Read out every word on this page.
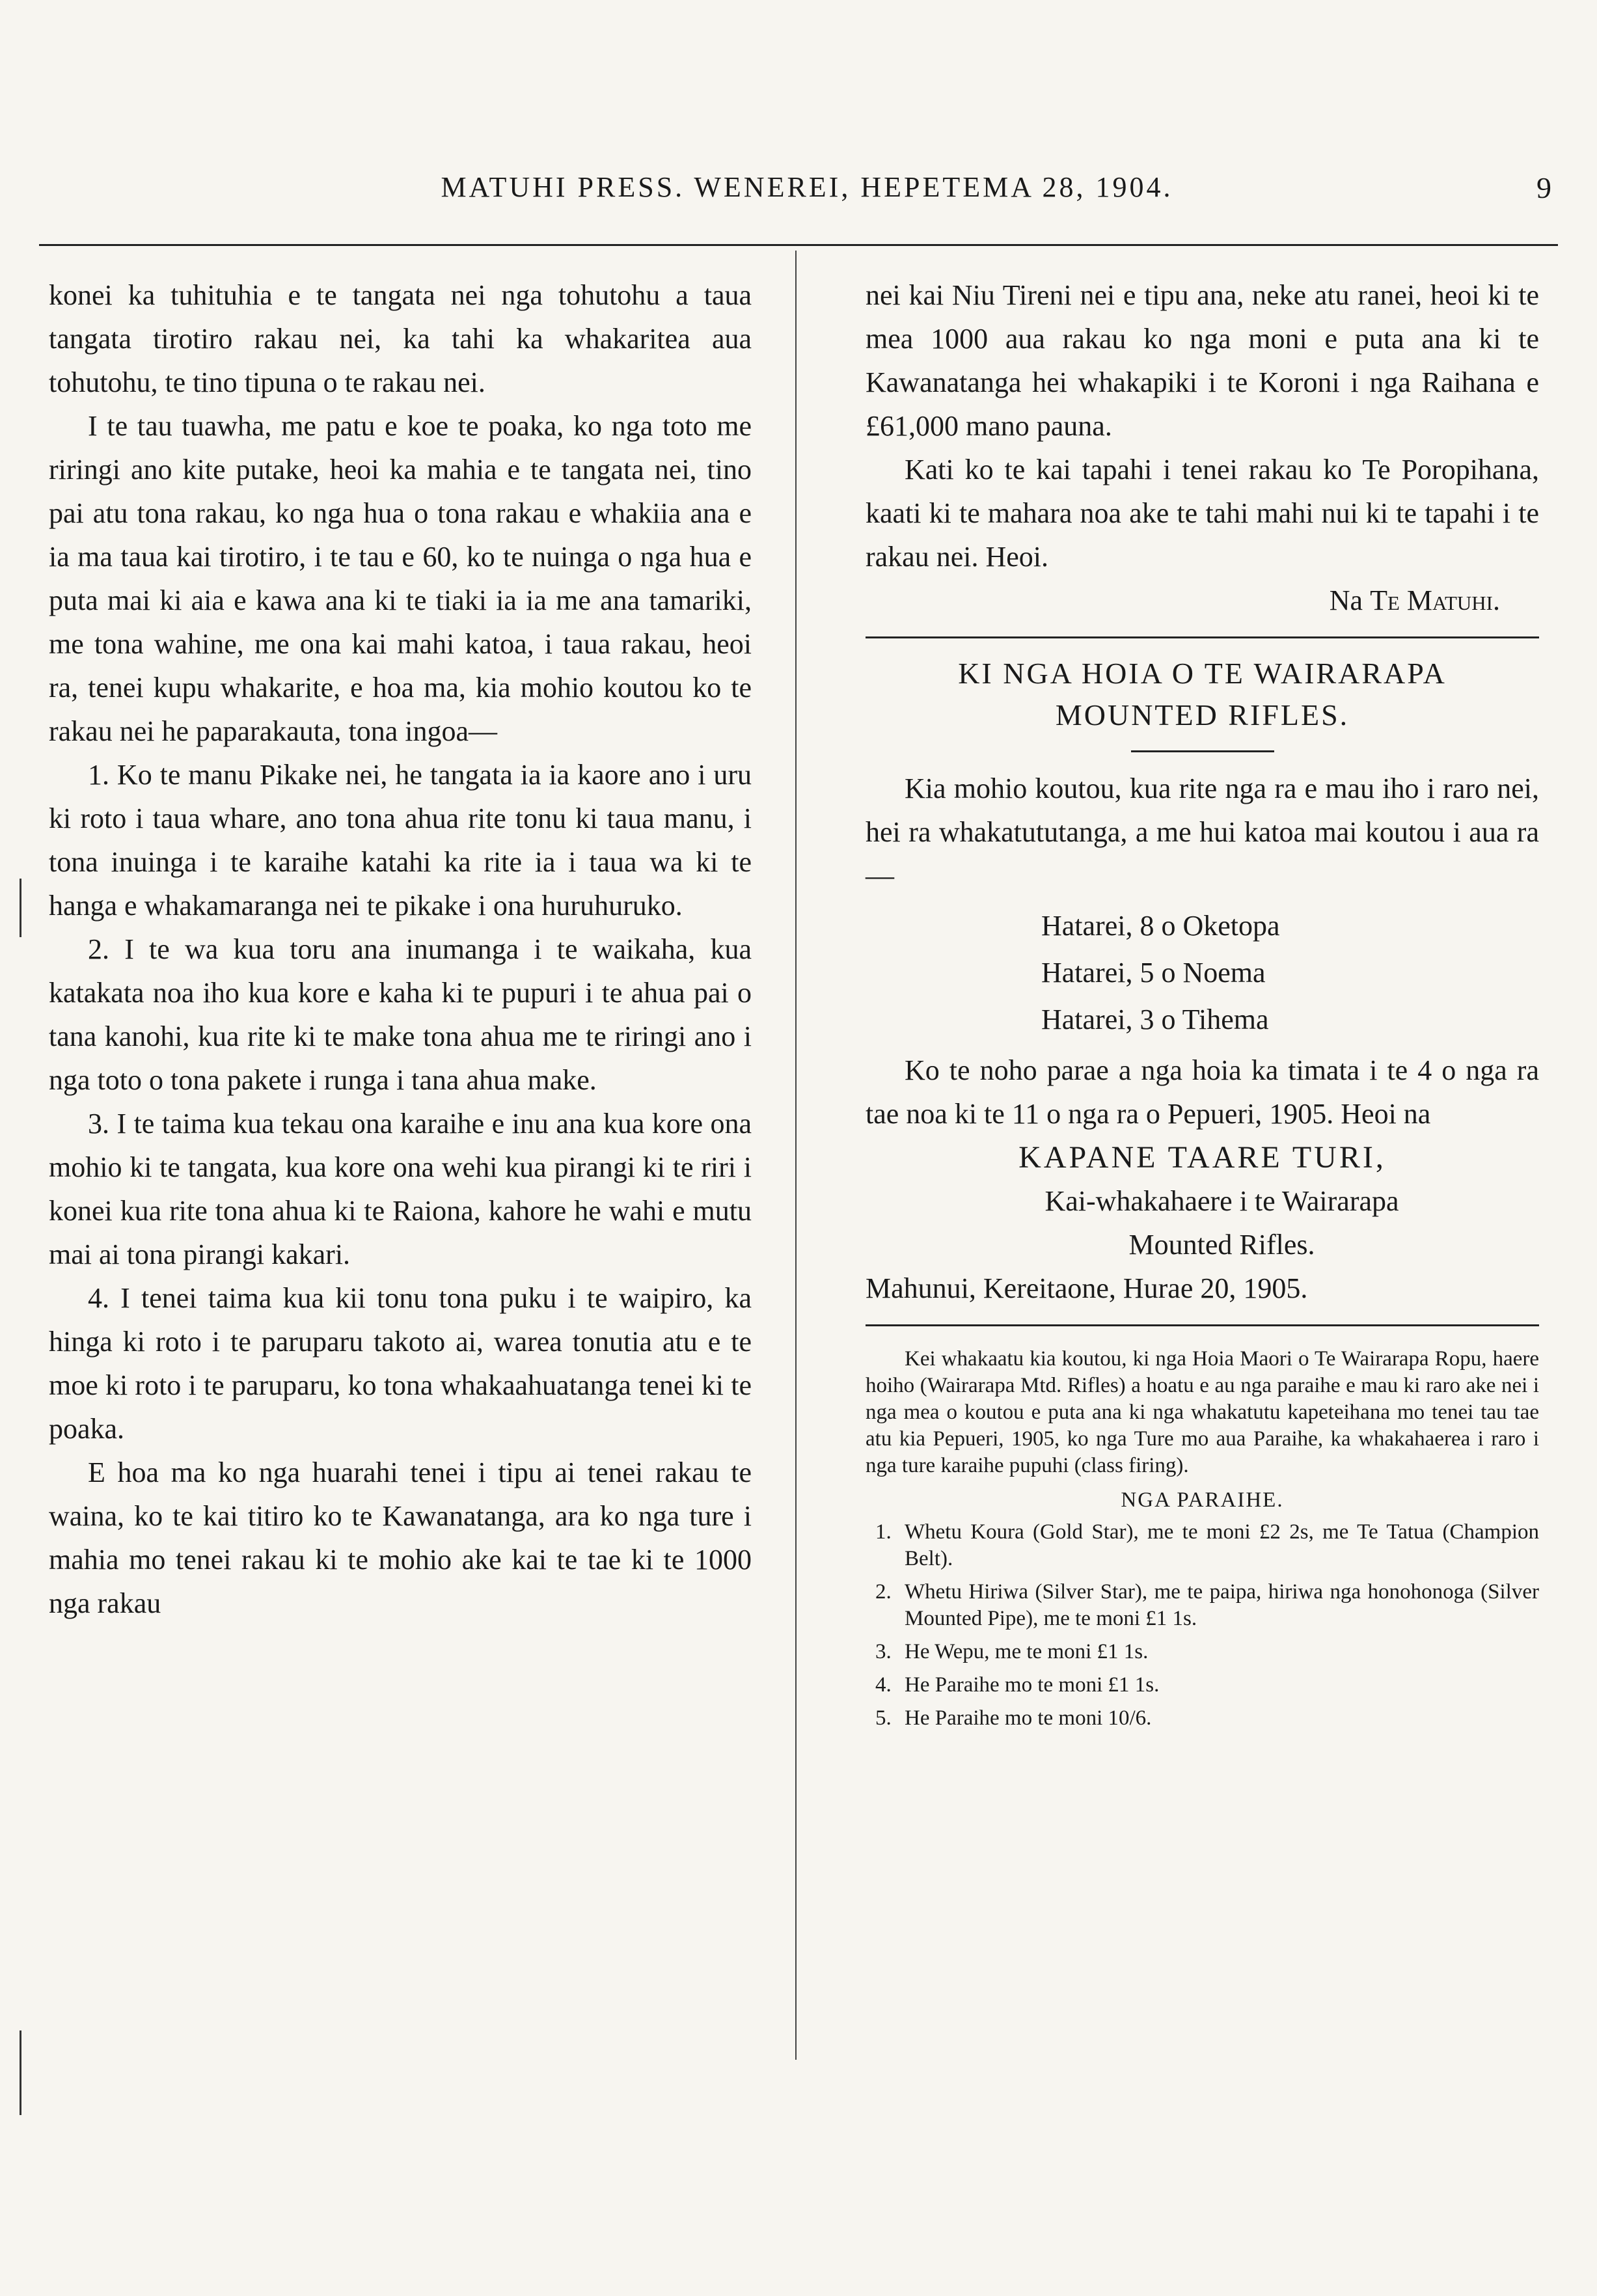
MATUHI PRESS. WENEREI, HEPETEMA 28, 1904.	9

konei ka tuhituhia e te tangata nei nga tohutohu a taua tangata tirotiro rakau nei, ka tahi ka whakaritea aua tohutohu, te tino tipuna o te rakau nei.

I te tau tuawha, me patu e koe te poaka, ko nga toto me riringi ano kite putake, heoi ka mahia e te tangata nei, tino pai atu tona rakau, ko nga hua o tona rakau e whakiia ana e ia ma taua kai tirotiro, i te tau e 60, ko te nuinga o nga hua e puta mai ki aia e kawa ana ki te tiaki ia ia me ana tamariki, me tona wahine, me ona kai mahi katoa, i taua rakau, heoi ra, tenei kupu whakarite, e hoa ma, kia mohio koutou ko te rakau nei he paparakauta, tona ingoa—

1. Ko te manu Pikake nei, he tangata ia ia kaore ano i uru ki roto i taua whare, ano tona ahua rite tonu ki taua manu, i tona inuinga i te karaihe katahi ka rite ia i taua wa ki te hanga e whakamaranga nei te pikake i ona huruhuruko.

2. I te wa kua toru ana inumanga i te waikaha, kua katakata noa iho kua kore e kaha ki te pupuri i te ahua pai o tana kanohi, kua rite ki te make tona ahua me te riringi ano i nga toto o tona pakete i runga i tana ahua make.

3. I te taima kua tekau ona karaihe e inu ana kua kore ona mohio ki te tangata, kua kore ona wehi kua pirangi ki te riri i konei kua rite tona ahua ki te Raiona, kahore he wahi e mutu mai ai tona pirangi kakari.

4. I tenei taima kua kii tonu tona puku i te waipiro, ka hinga ki roto i te paruparu takoto ai, warea tonutia atu e te moe ki roto i te paruparu, ko tona whakaahuatanga tenei ki te poaka.

E hoa ma ko nga huarahi tenei i tipu ai tenei rakau te waina, ko te kai titiro ko te Kawanatanga, ara ko nga ture i mahia mo tenei rakau ki te mohio ake kai te tae ki te 1000 nga rakau

nei kai Niu Tireni nei e tipu ana, neke atu ranei, heoi ki te mea 1000 aua rakau ko nga moni e puta ana ki te Kawanatanga hei whakapiki i te Koroni i nga Raihana e £61,000 mano pauna.

Kati ko te kai tapahi i tenei rakau ko Te Poropihana, kaati ki te mahara noa ake te tahi mahi nui ki te tapahi i te rakau nei. Heoi.

Na Te Matuhi.

KI NGA HOIA O TE WAIRARAPA
MOUNTED RIFLES.

Kia mohio koutou, kua rite nga ra e mau iho i raro nei, hei ra whakatututanga, a me hui katoa mai koutou i aua ra—

Hatarei, 8 o Oketopa
Hatarei, 5 o Noema
Hatarei, 3 o Tihema

Ko te noho parae a nga hoia ka timata i te 4 o nga ra tae noa ki te 11 o nga ra o Pepueri, 1905. Heoi na

KAPANE TAARE TURI,

Kai-whakahaere i te Wairarapa

Mounted Rifles.

Mahunui, Kereitaone, Hurae 20, 1905.

Kei whakaatu kia koutou, ki nga Hoia Maori o Te Wairarapa Ropu, haere hoiho (Wairarapa Mtd. Rifles) a hoatu e au nga paraihe e mau ki raro ake nei i nga mea o koutou e puta ana ki nga whakatutu kapeteihana mo tenei tau tae atu kia Pepueri, 1905, ko nga Ture mo aua Paraihe, ka whakahaerea i raro i nga ture karaihe pupuhi (class firing).

NGA PARAIHE.
1. Whetu Koura (Gold Star), me te moni £2 2s, me Te Tatua (Champion Belt).
2. Whetu Hiriwa (Silver Star), me te paipa, hiriwa nga honohonoga (Silver Mounted Pipe), me te moni £1 1s.
3. He Wepu, me te moni £1 1s.
4. He Paraihe mo te moni £1 1s.
5. He Paraihe mo te moni 10/6.
